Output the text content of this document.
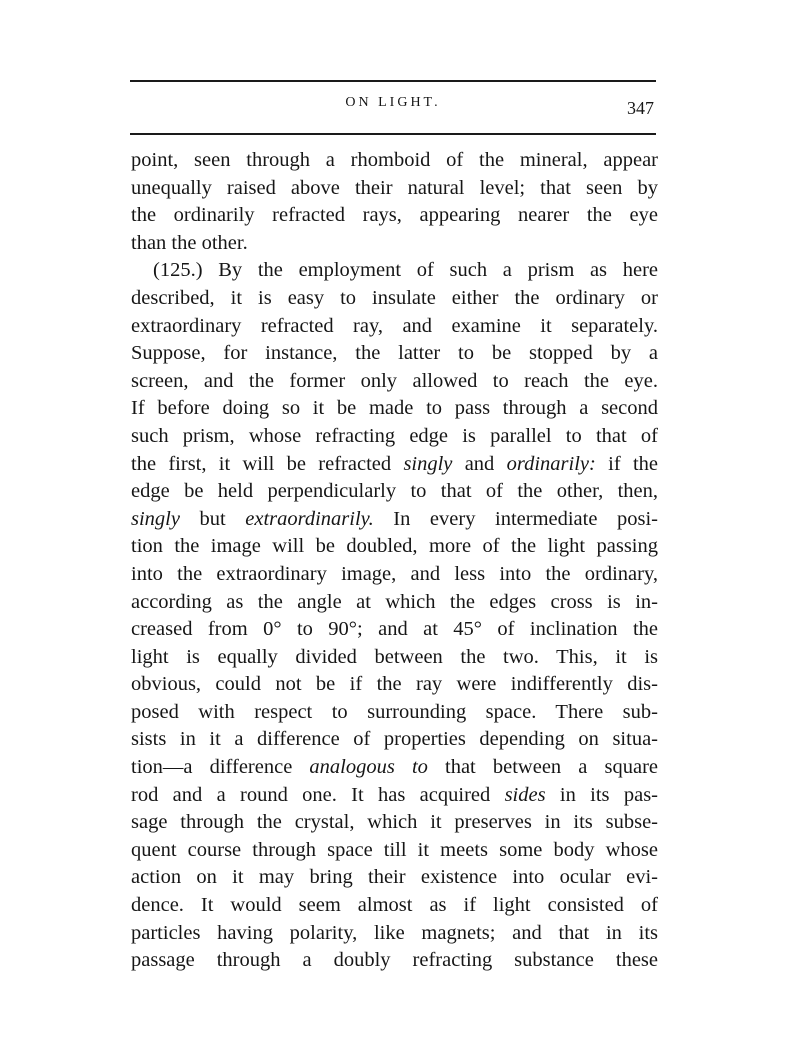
ON LIGHT.	347
point, seen through a rhomboid of the mineral, appear
unequally raised above their natural level; that seen by
the ordinarily refracted rays, appearing nearer the eye
than the other.
(125.) By the employment of such a prism as here
described, it is easy to insulate either the ordinary or
extraordinary refracted ray, and examine it separately.
Suppose, for instance, the latter to be stopped by a
screen, and the former only allowed to reach the eye.
If before doing so it be made to pass through a second
such prism, whose refracting edge is parallel to that of
the first, it will be refracted singly and ordinarily: if the
edge be held perpendicularly to that of the other, then,
singly but extraordinarily. In every intermediate posi-
tion the image will be doubled, more of the light passing
into the extraordinary image, and less into the ordinary,
according as the angle at which the edges cross is in-
creased from 0° to 90°; and at 45° of inclination the
light is equally divided between the two. This, it is
obvious, could not be if the ray were indifferently dis-
posed with respect to surrounding space. There sub-
sists in it a difference of properties depending on situa-
tion—a difference analogous to that between a square
rod and a round one. It has acquired sides in its pas-
sage through the crystal, which it preserves in its subse-
quent course through space till it meets some body whose
action on it may bring their existence into ocular evi-
dence. It would seem almost as if light consisted of
particles having polarity, like magnets; and that in its
passage through a doubly refracting substance these
